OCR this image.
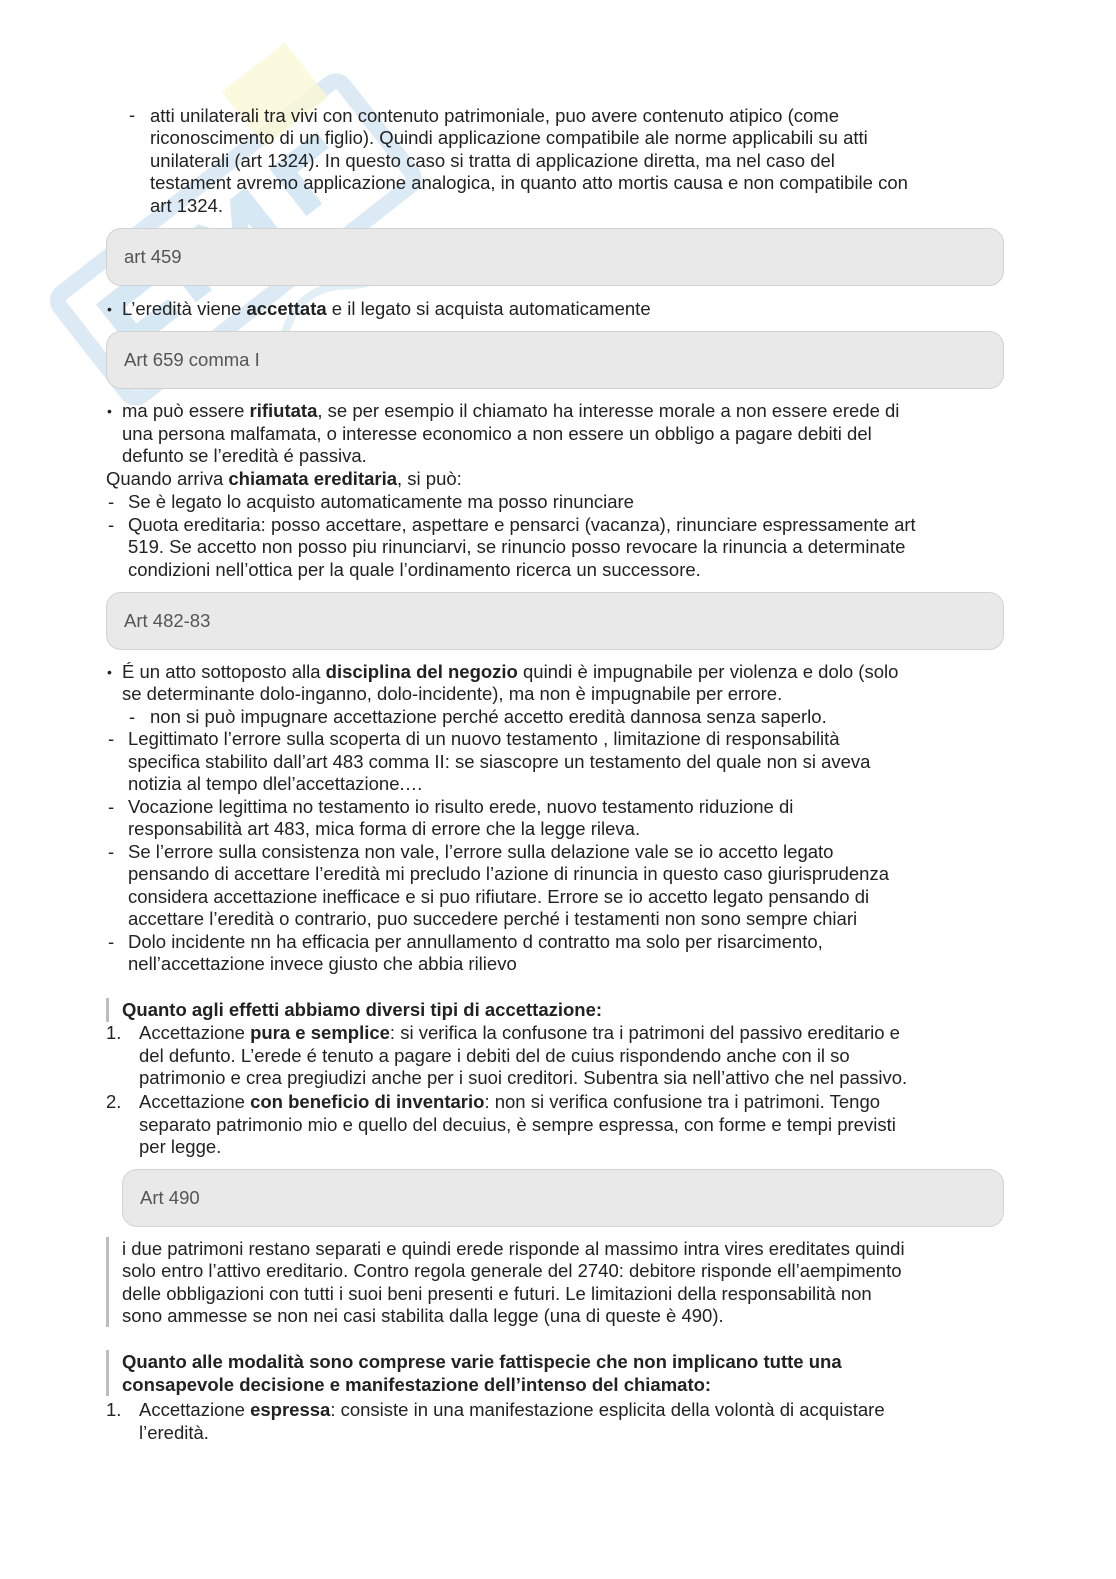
- atti unilaterali tra vivi con contenuto patrimoniale, puo avere contenuto atipico (come
riconoscimento di un figlio). Quindi applicazione compatibile ale norme applicabili su atti
unilaterali (art 1324). In questo caso si tratta di applicazione diretta, ma nel caso del
testament avremo applicazione analogica, in quanto atto mortis causa e non compatibile con
art 1324.
art 459
• L’eredità viene accettata e il legato si acquista automaticamente
Art 659 comma I
• ma può essere rifiutata, se per esempio il chiamato ha interesse morale a non essere erede di
una persona malfamata, o interesse economico a non essere un obbligo a pagare debiti del
defunto se l’eredità é passiva.
Quando arriva chiamata ereditaria, si può:
- Se è legato lo acquisto automaticamente ma posso rinunciare
- Quota ereditaria: posso accettare, aspettare e pensarci (vacanza), rinunciare espressamente art
519. Se accetto non posso piu rinunciarvi, se rinuncio posso revocare la rinuncia a determinate
condizioni nell’ottica per la quale l’ordinamento ricerca un successore.
Art 482-83
• É un atto sottoposto alla disciplina del negozio quindi è impugnabile per violenza e dolo (solo
se determinante dolo-inganno, dolo-incidente), ma non è impugnabile per errore.
- non si può impugnare accettazione perché accetto eredità dannosa senza saperlo.
- Legittimato l’errore sulla scoperta di un nuovo testamento , limitazione di responsabilità
specifica stabilito dall’art 483 comma II: se siascopre un testamento del quale non si aveva
notizia al tempo dlel’accettazione.…
- Vocazione legittima no testamento io risulto erede, nuovo testamento riduzione di
responsabilità art 483, mica forma di errore che la legge rileva.
- Se l’errore sulla consistenza non vale, l’errore sulla delazione vale se io accetto legato
pensando di accettare l’eredità mi precludo l’azione di rinuncia in questo caso giurisprudenza
considera accettazione inefficace e si puo rifiutare. Errore se io accetto legato pensando di
accettare l’eredità o contrario, puo succedere perché i testamenti non sono sempre chiari
- Dolo incidente nn ha efficacia per annullamento d contratto ma solo per risarcimento,
nell’accettazione invece giusto che abbia rilievo
Quanto agli effetti abbiamo diversi tipi di accettazione:
1. Accettazione pura e semplice: si verifica la confusone tra i patrimoni del passivo ereditario e
del defunto. L’erede é tenuto a pagare i debiti del de cuius rispondendo anche con il so
patrimonio e crea pregiudizi anche per i suoi creditori. Subentra sia nell’attivo che nel passivo.
2. Accettazione con beneficio di inventario: non si verifica confusione tra i patrimoni. Tengo
separato patrimonio mio e quello del decuius, è sempre espressa, con forme e tempi previsti
per legge.
Art 490
i due patrimoni restano separati e quindi erede risponde al massimo intra vires ereditates quindi
solo entro l’attivo ereditario. Contro regola generale del 2740: debitore risponde ell’aempimento
delle obbligazioni con tutti i suoi beni presenti e futuri. Le limitazioni della responsabilità non
sono ammesse se non nei casi stabilita dalla legge (una di queste è 490).
Quanto alle modalità sono comprese varie fattispecie che non implicano tutte una
consapevole decisione e manifestazione dell’intenso del chiamato:
1. Accettazione espressa: consiste in una manifestazione esplicita della volontà di acquistare
l’eredità.
